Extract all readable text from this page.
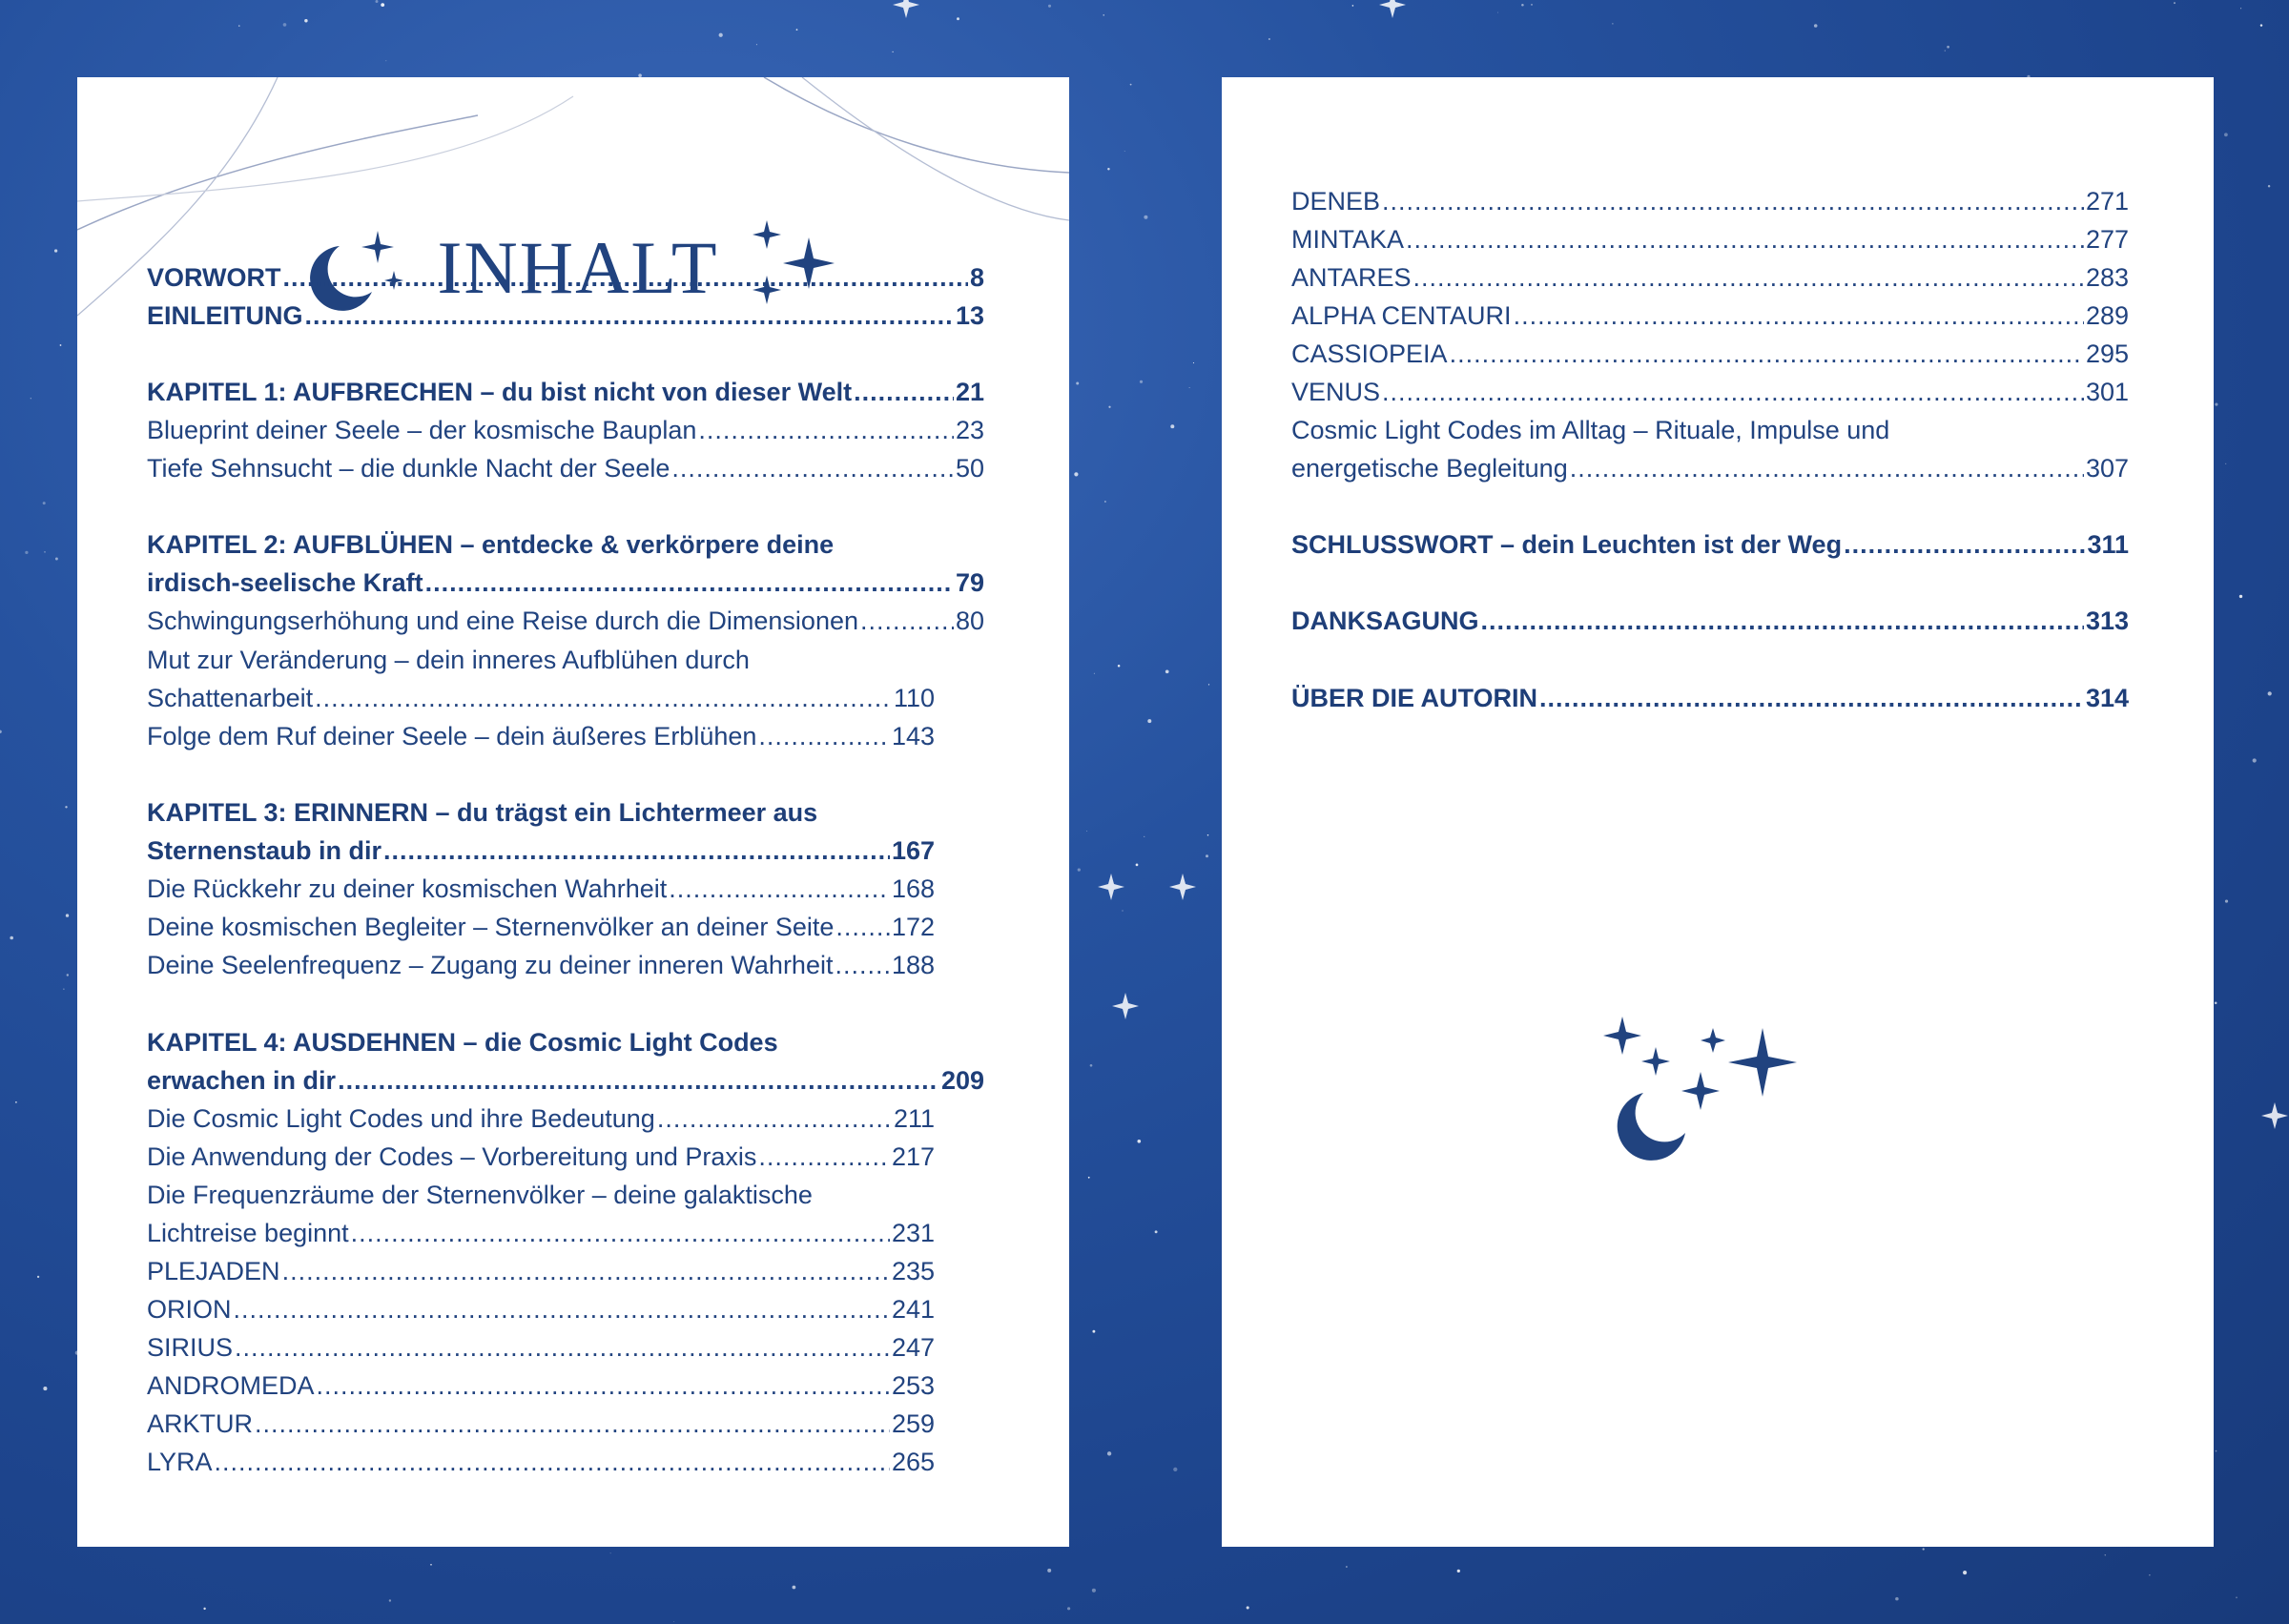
INHALT
VORWORT .....	8
EINLEITUNG .....	13
KAPITEL 1: AUFBRECHEN – du bist nicht von dieser Welt .....	21
Blueprint deiner Seele – der kosmische Bauplan .....	23
Tiefe Sehnsucht – die dunkle Nacht der Seele .....	50
KAPITEL 2: AUFBLÜHEN – entdecke & verkörpere deine
irdisch-seelische Kraft .....	79
Schwingungserhöhung und eine Reise durch die Dimensionen .....	80
Mut zur Veränderung – dein inneres Aufblühen durch
Schattenarbeit .....	110
Folge dem Ruf deiner Seele – dein äußeres Erblühen .....	143
KAPITEL 3: ERINNERN – du trägst ein Lichtermeer aus
Sternenstaub in dir .....	167
Die Rückkehr zu deiner kosmischen Wahrheit .....	168
Deine kosmischen Begleiter – Sternenvölker an deiner Seite ..... 172
Deine Seelenfrequenz – Zugang zu deiner inneren Wahrheit ..... 188
KAPITEL 4: AUSDEHNEN – die Cosmic Light Codes
erwachen in dir .....	209
Die Cosmic Light Codes und ihre Bedeutung .....	211
Die Anwendung der Codes – Vorbereitung und Praxis .....	217
Die Frequenzräume der Sternenvölker – deine galaktische
Lichtreise beginnt .....	231
PLEJADEN .....	235
ORION .....	241
SIRIUS .....	247
ANDROMEDA .....	253
ARKTUR .....	259
LYRA .....	265
DENEB .....	271
MINTAKA .....	277
ANTARES .....	283
ALPHA CENTAURI .....	289
CASSIOPEIA .....	295
VENUS .....	301
Cosmic Light Codes im Alltag – Rituale, Impulse und
energetische Begleitung .....	307
SCHLUSSWORT – dein Leuchten ist der Weg .....	311
DANKSAGUNG .....	313
ÜBER DIE AUTORIN .....	314
